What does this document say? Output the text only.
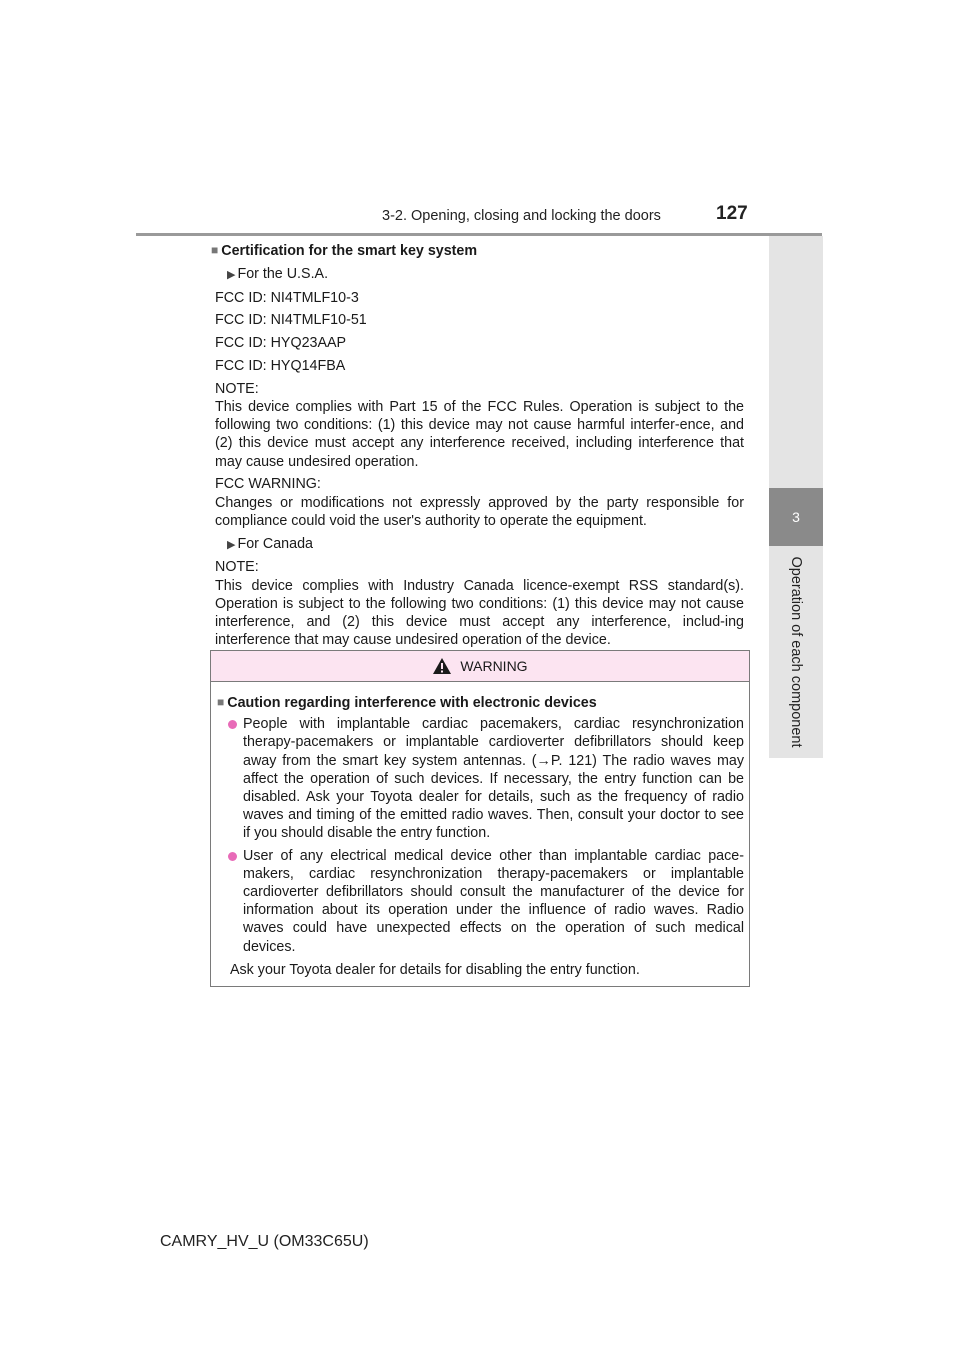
3-2. Opening, closing and locking the doors	127
3
Operation of each component

■ Certification for the smart key system

▶ For the U.S.A.

FCC ID: NI4TMLF10-3

FCC ID: NI4TMLF10-51

FCC ID: HYQ23AAP

FCC ID: HYQ14FBA

NOTE:

This device complies with Part 15 of the FCC Rules. Operation is subject to the following two conditions: (1) this device may not cause harmful interfer-ence, and (2) this device must accept any interference received, including interference that may cause undesired operation.

FCC WARNING:

Changes or modifications not expressly approved by the party responsible for compliance could void the user's authority to operate the equipment.

▶ For Canada

NOTE:

This device complies with Industry Canada licence-exempt RSS standard(s). Operation is subject to the following two conditions: (1) this device may not cause interference, and (2) this device must accept any interference, includ-ing interference that may cause undesired operation of the device.

WARNING

■ Caution regarding interference with electronic devices

People with implantable cardiac pacemakers, cardiac resynchronization therapy-pacemakers or implantable cardioverter defibrillators should keep away from the smart key system antennas. (→P. 121) The radio waves may affect the operation of such devices. If necessary, the entry function can be disabled. Ask your Toyota dealer for details, such as the frequency of radio waves and timing of the emitted radio waves. Then, consult your doctor to see if you should disable the entry function.
User of any electrical medical device other than implantable cardiac pace-makers, cardiac resynchronization therapy-pacemakers or implantable cardioverter defibrillators should consult the manufacturer of the device for information about its operation under the influence of radio waves. Radio waves could have unexpected effects on the operation of such medical devices.

Ask your Toyota dealer for details for disabling the entry function.

CAMRY_HV_U (OM33C65U)
